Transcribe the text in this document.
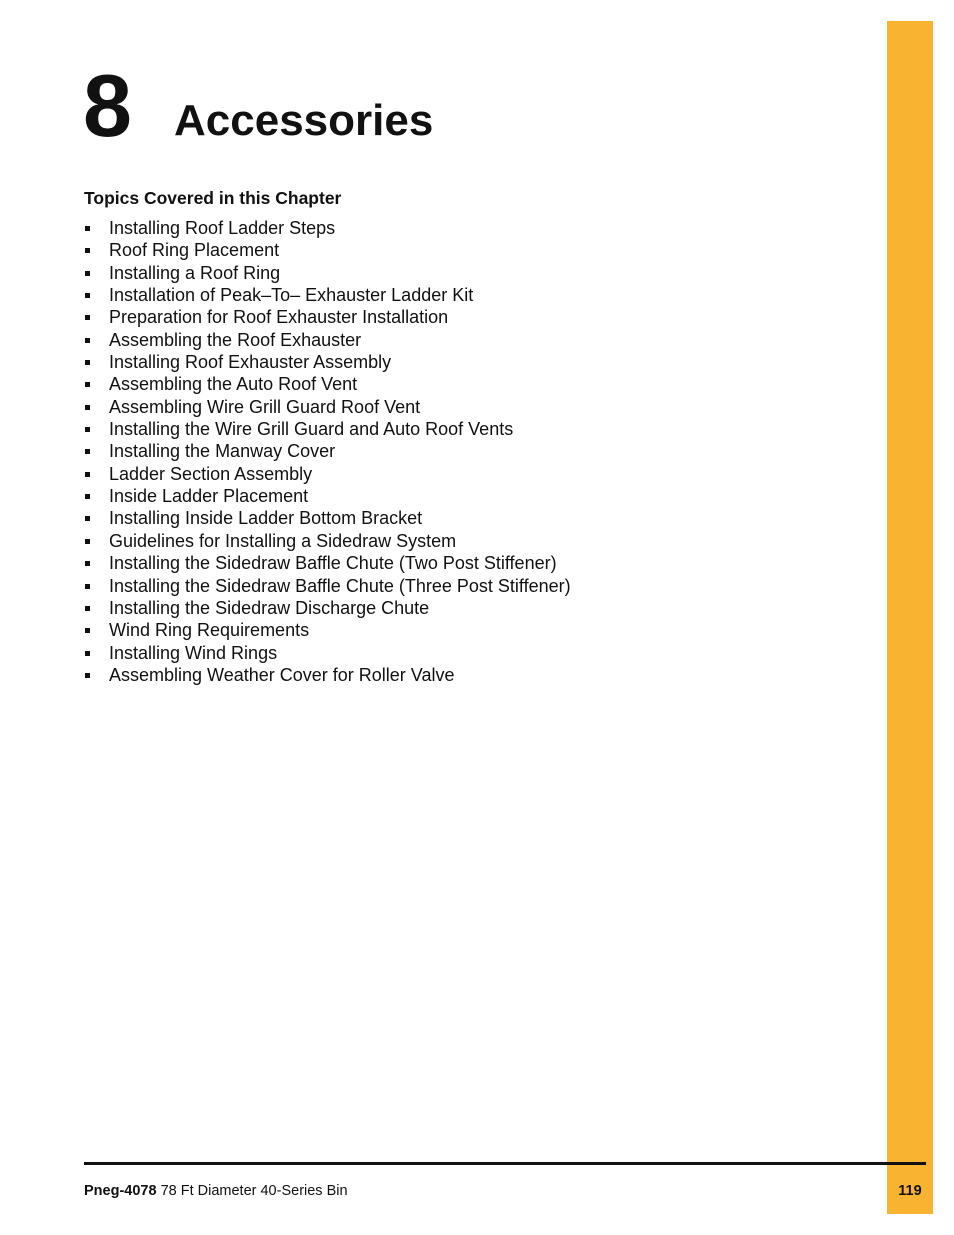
8 Accessories
Topics Covered in this Chapter
Installing Roof Ladder Steps
Roof Ring Placement
Installing a Roof Ring
Installation of Peak–To– Exhauster Ladder Kit
Preparation for Roof Exhauster Installation
Assembling the Roof Exhauster
Installing Roof Exhauster Assembly
Assembling the Auto Roof Vent
Assembling Wire Grill Guard Roof Vent
Installing the Wire Grill Guard and Auto Roof Vents
Installing the Manway Cover
Ladder Section Assembly
Inside Ladder Placement
Installing Inside Ladder Bottom Bracket
Guidelines for Installing a Sidedraw System
Installing the Sidedraw Baffle Chute (Two Post Stiffener)
Installing the Sidedraw Baffle Chute (Three Post Stiffener)
Installing the Sidedraw Discharge Chute
Wind Ring Requirements
Installing Wind Rings
Assembling Weather Cover for Roller Valve
Pneg-4078 78 Ft Diameter 40-Series Bin	119
